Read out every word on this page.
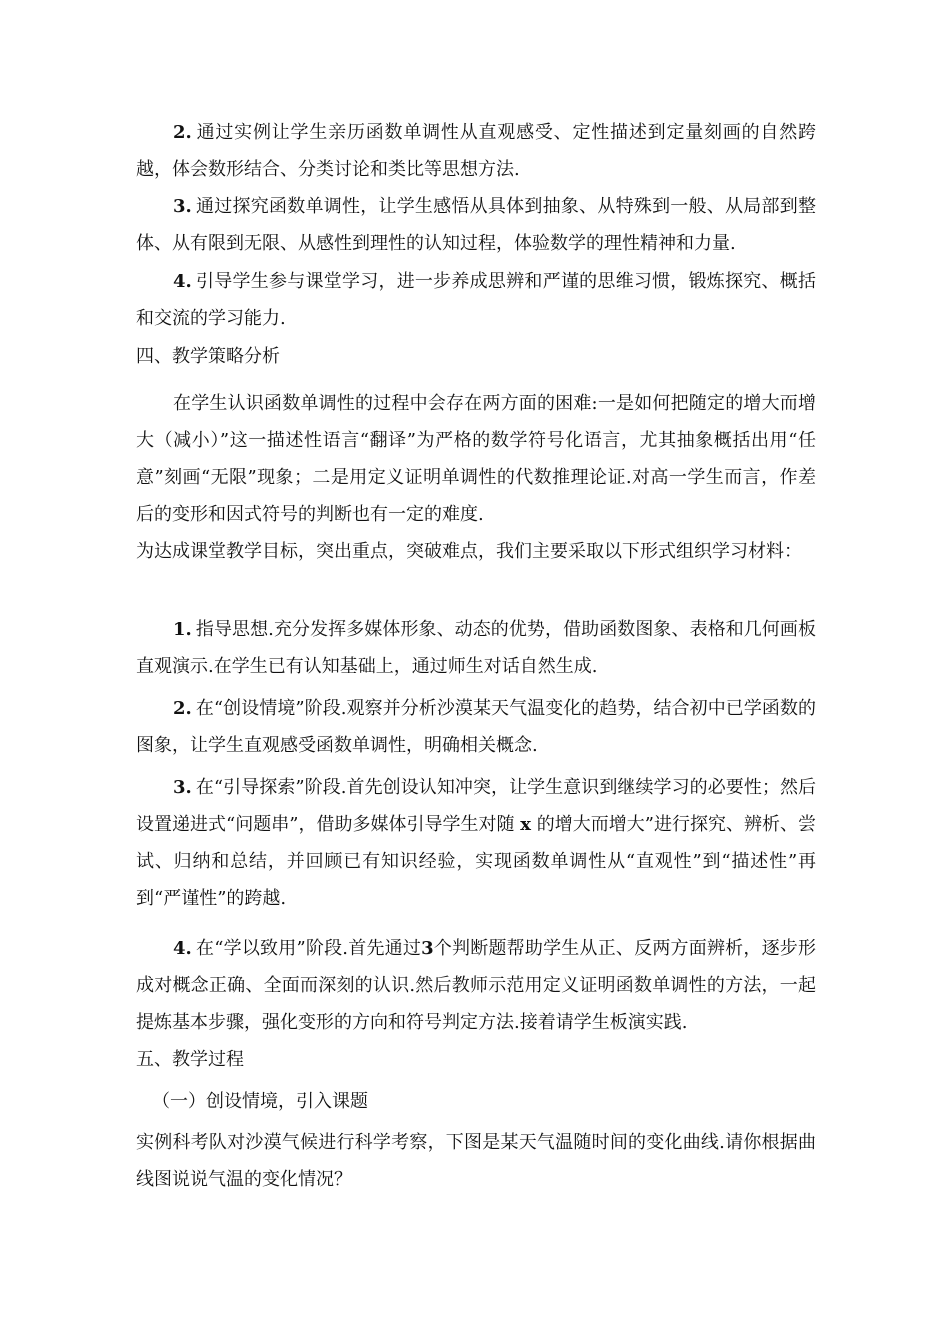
2. 通过实例让学生亲历函数单调性从直观感受、定性描述到定量刻画的自然跨越，体会数形结合、分类讨论和类比等思想方法.

3. 通过探究函数单调性，让学生感悟从具体到抽象、从特殊到一般、从局部到整体、从有限到无限、从感性到理性的认知过程，体验数学的理性精神和力量.

4. 引导学生参与课堂学习，进一步养成思辨和严谨的思维习惯，锻炼探究、概括和交流的学习能力.

四、教学策略分析

在学生认识函数单调性的过程中会存在两方面的困难:一是如何把随定的增大而增大（减小）”这一描述性语言“翻译”为严格的数学符号化语言，尤其抽象概括出用“任意”刻画“无限”现象；二是用定义证明单调性的代数推理论证.对高一学生而言，作差后的变形和因式符号的判断也有一定的难度.

为达成课堂教学目标，突出重点，突破难点，我们主要采取以下形式组织学习材料：

1. 指导思想.充分发挥多媒体形象、动态的优势，借助函数图象、表格和几何画板直观演示.在学生已有认知基础上，通过师生对话自然生成.

2. 在“创设情境”阶段.观察并分析沙漠某天气温变化的趋势，结合初中已学函数的图象，让学生直观感受函数单调性，明确相关概念.

3. 在“引导探索”阶段.首先创设认知冲突，让学生意识到继续学习的必要性；然后设置递进式“问题串”，借助多媒体引导学生对随 x 的增大而增大”进行探究、辨析、尝试、归纳和总结，并回顾已有知识经验，实现函数单调性从“直观性”到“描述性”再到“严谨性”的跨越.

4. 在“学以致用”阶段.首先通过3个判断题帮助学生从正、反两方面辨析，逐步形成对概念正确、全面而深刻的认识.然后教师示范用定义证明函数单调性的方法，一起提炼基本步骤，强化变形的方向和符号判定方法.接着请学生板演实践.

五、教学过程

（一）创设情境，引入课题

实例科考队对沙漠气候进行科学考察，下图是某天气温随时间的变化曲线.请你根据曲线图说说气温的变化情况？
